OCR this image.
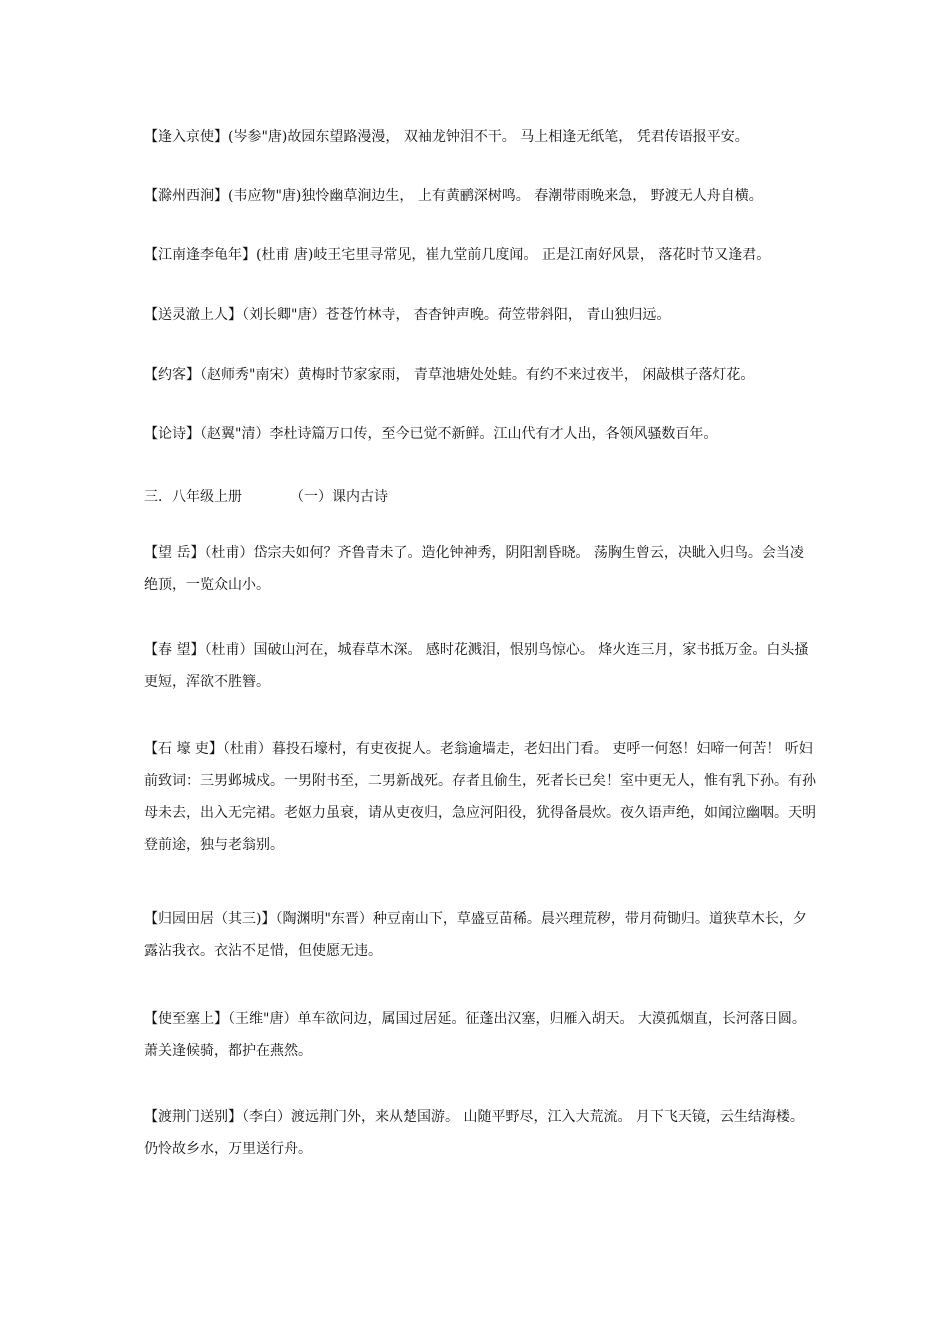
【逢入京使】(岑参"唐)故园东望路漫漫， 双袖龙钟泪不干。 马上相逢无纸笔， 凭君传语报平安。

【滁州西涧】(韦应物"唐)独怜幽草涧边生， 上有黄鹂深树鸣。 春潮带雨晚来急， 野渡无人舟自横。

【江南逢李龟年】(杜甫 唐)岐王宅里寻常见，崔九堂前几度闻。 正是江南好风景， 落花时节又逢君。

【送灵澈上人】（刘长卿"唐）苍苍竹林寺， 杳杳钟声晚。荷笠带斜阳， 青山独归远。

【约客】（赵师秀"南宋）黄梅时节家家雨， 青草池塘处处蛙。有约不来过夜半， 闲敲棋子落灯花。

【论诗】（赵翼"清）李杜诗篇万口传，至今已觉不新鲜。江山代有才人出，各领风骚数百年。

三．八年级上册	（一）课内古诗

【望 岳】（杜甫）岱宗夫如何？齐鲁青未了。造化钟神秀，阴阳割昏晓。 荡胸生曾云，决眦入归鸟。会当凌绝顶，一览众山小。

【春 望】（杜甫）国破山河在，城春草木深。 感时花溅泪，恨别鸟惊心。 烽火连三月，家书抵万金。白头搔更短，浑欲不胜簪。

【石 壕 吏】（杜甫）暮投石壕村，有吏夜捉人。老翁逾墙走，老妇出门看。 吏呼一何怒！妇啼一何苦！ 听妇前致词：三男邺城戍。一男附书至，二男新战死。存者且偷生，死者长已矣！室中更无人，惟有乳下孙。有孙母未去，出入无完裙。老妪力虽衰，请从吏夜归，急应河阳役，犹得备晨炊。夜久语声绝，如闻泣幽咽。天明登前途，独与老翁别。

【归园田居（其三)】（陶渊明"东晋）种豆南山下，草盛豆苗稀。晨兴理荒秽，带月荷锄归。道狭草木长，夕露沾我衣。衣沾不足惜，但使愿无违。

【使至塞上】（王维"唐）单车欲问边，属国过居延。征蓬出汉塞，归雁入胡天。 大漠孤烟直，长河落日圆。 萧关逢候骑，都护在燕然。

【渡荆门送别】（李白）渡远荆门外，来从楚国游。 山随平野尽，江入大荒流。 月下飞天镜，云生结海楼。 仍怜故乡水，万里送行舟。
